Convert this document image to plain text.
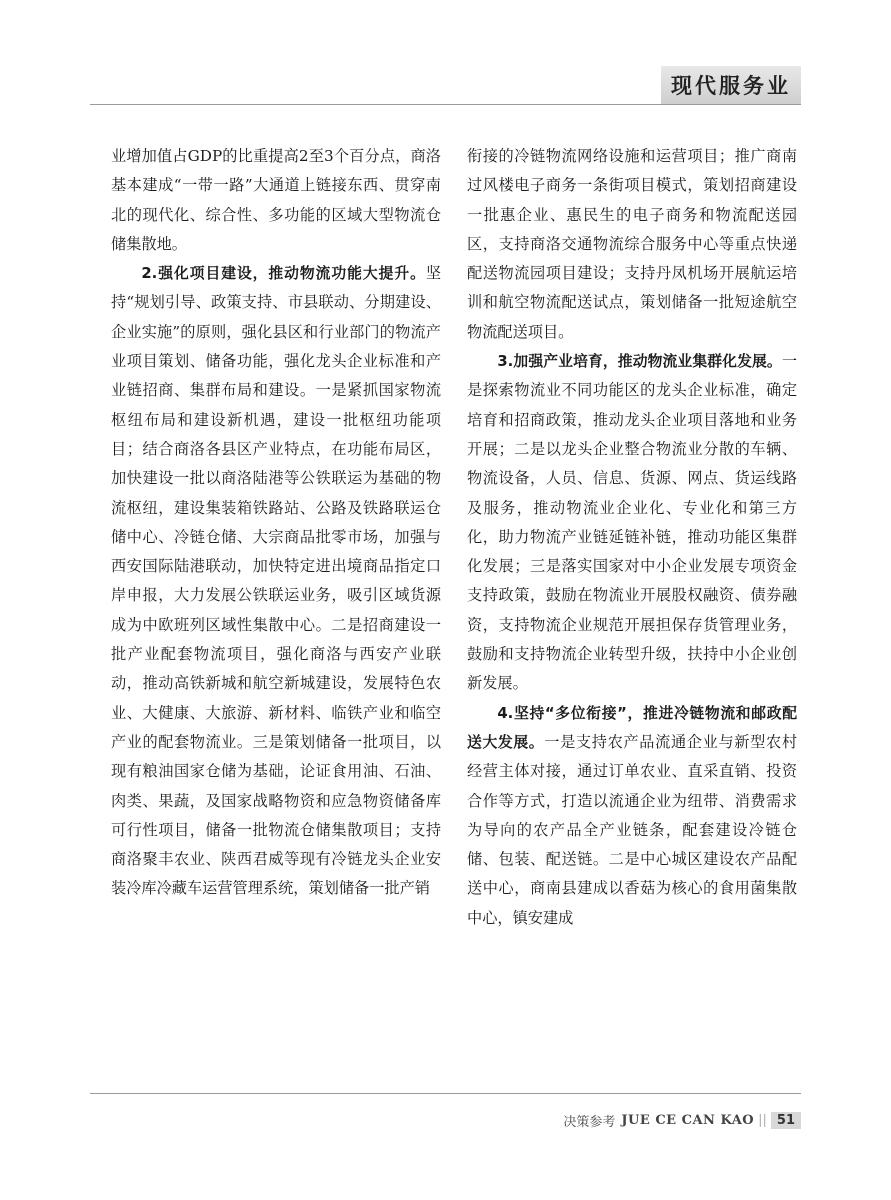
现代服务业

业增加值占GDP的比重提高2至3个百分点，商洛基本建成“一带一路”大通道上链接东西、贯穿南北的现代化、综合性、多功能的区域大型物流仓储集散地。

2.强化项目建设，推动物流功能大提升。坚持“规划引导、政策支持、市县联动、分期建设、企业实施”的原则，强化县区和行业部门的物流产业项目策划、储备功能，强化龙头企业标准和产业链招商、集群布局和建设。一是紧抓国家物流枢纽布局和建设新机遇，建设一批枢纽功能项目；结合商洛各县区产业特点，在功能布局区，加快建设一批以商洛陆港等公铁联运为基础的物流枢纽，建设集装箱铁路站、公路及铁路联运仓储中心、冷链仓储、大宗商品批零市场，加强与西安国际陆港联动，加快特定进出境商品指定口岸申报，大力发展公铁联运业务，吸引区域货源成为中欧班列区域性集散中心。二是招商建设一批产业配套物流项目，强化商洛与西安产业联动，推动高铁新城和航空新城建设，发展特色农业、大健康、大旅游、新材料、临铁产业和临空产业的配套物流业。三是策划储备一批项目，以现有粮油国家仓储为基础，论证食用油、石油、肉类、果蔬，及国家战略物资和应急物资储备库可行性项目，储备一批物流仓储集散项目；支持商洛聚丰农业、陕西君威等现有冷链龙头企业安装冷库冷藏车运营管理系统，策划储备一批产销

衔接的冷链物流网络设施和运营项目；推广商南过风楼电子商务一条街项目模式，策划招商建设一批惠企业、惠民生的电子商务和物流配送园区，支持商洛交通物流综合服务中心等重点快递配送物流园项目建设；支持丹凤机场开展航运培训和航空物流配送试点，策划储备一批短途航空物流配送项目。

3.加强产业培育，推动物流业集群化发展。一是探索物流业不同功能区的龙头企业标准，确定培育和招商政策，推动龙头企业项目落地和业务开展；二是以龙头企业整合物流业分散的车辆、物流设备，人员、信息、货源、网点、货运线路及服务，推动物流业企业化、专业化和第三方化，助力物流产业链延链补链，推动功能区集群化发展；三是落实国家对中小企业发展专项资金支持政策，鼓励在物流业开展股权融资、债券融资，支持物流企业规范开展担保存货管理业务，鼓励和支持物流企业转型升级，扶持中小企业创新发展。

4.坚持“多位衔接”，推进冷链物流和邮政配送大发展。一是支持农产品流通企业与新型农村经营主体对接，通过订单农业、直采直销、投资合作等方式，打造以流通企业为纽带、消费需求为导向的农产品全产业链条，配套建设冷链仓储、包装、配送链。二是中心城区建设农产品配送中心，商南县建成以香菇为核心的食用菌集散中心，镇安建成

决策参考 JUE CE CAN KAO || 51
